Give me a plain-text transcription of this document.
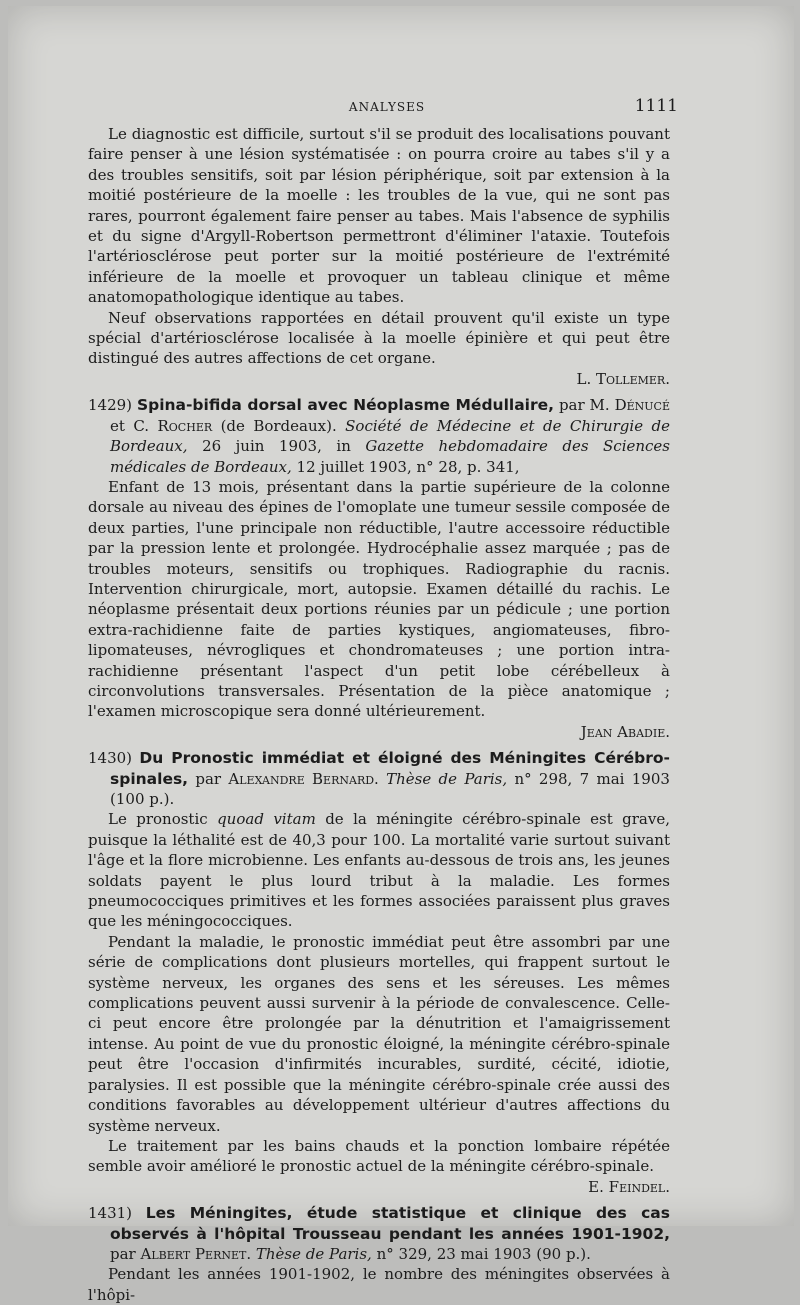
ANALYSES	1111

Le diagnostic est difficile, surtout s'il se produit des localisations pouvant faire penser à une lésion systématisée : on pourra croire au tabes s'il y a des troubles sensitifs, soit par lésion périphérique, soit par extension à la moitié postérieure de la moelle : les troubles de la vue, qui ne sont pas rares, pourront également faire penser au tabes. Mais l'absence de syphilis et du signe d'Argyll-Robertson permettront d'éliminer l'ataxie. Toutefois l'artériosclérose peut porter sur la moitié postérieure de l'extrémité inférieure de la moelle et provoquer un tableau clinique et même anatomopathologique identique au tabes.

Neuf observations rapportées en détail prouvent qu'il existe un type spécial d'artériosclérose localisée à la moelle épinière et qui peut être distingué des autres affections de cet organe.

L. Tollemer.

1429) Spina-bifida dorsal avec Néoplasme Médullaire, par M. Dénucé et C. Rocher (de Bordeaux). Société de Médecine et de Chirurgie de Bordeaux, 26 juin 1903, in Gazette hebdomadaire des Sciences médicales de Bordeaux, 12 juillet 1903, n° 28, p. 341,

Enfant de 13 mois, présentant dans la partie supérieure de la colonne dorsale au niveau des épines de l'omoplate une tumeur sessile composée de deux parties, l'une principale non réductible, l'autre accessoire réductible par la pression lente et prolongée. Hydrocéphalie assez marquée ; pas de troubles moteurs, sensitifs ou trophiques. Radiographie du racnis. Intervention chirurgicale, mort, autopsie. Examen détaillé du rachis. Le néoplasme présentait deux portions réunies par un pédicule ; une portion extra-rachidienne faite de parties kystiques, angiomateuses, fibro-lipomateuses, névrogliques et chondromateuses ; une portion intra-rachidienne présentant l'aspect d'un petit lobe cérébelleux à circonvolutions transversales. Présentation de la pièce anatomique ; l'examen microscopique sera donné ultérieurement.

Jean Abadie.

1430) Du Pronostic immédiat et éloigné des Méningites Cérébro-spinales, par Alexandre Bernard. Thèse de Paris, n° 298, 7 mai 1903 (100 p.).

Le pronostic quoad vitam de la méningite cérébro-spinale est grave, puisque la léthalité est de 40,3 pour 100. La mortalité varie surtout suivant l'âge et la flore microbienne. Les enfants au-dessous de trois ans, les jeunes soldats payent le plus lourd tribut à la maladie. Les formes pneumococciques primitives et les formes associées paraissent plus graves que les méningococciques.

Pendant la maladie, le pronostic immédiat peut être assombri par une série de complications dont plusieurs mortelles, qui frappent surtout le système nerveux, les organes des sens et les séreuses. Les mêmes complications peuvent aussi survenir à la période de convalescence. Celle-ci peut encore être prolongée par la dénutrition et l'amaigrissement intense. Au point de vue du pronostic éloigné, la méningite cérébro-spinale peut être l'occasion d'infirmités incurables, surdité, cécité, idiotie, paralysies. Il est possible que la méningite cérébro-spinale crée aussi des conditions favorables au développement ultérieur d'autres affections du système nerveux.

Le traitement par les bains chauds et la ponction lombaire répétée semble avoir amélioré le pronostic actuel de la méningite cérébro-spinale.

E. Feindel.

1431) Les Méningites, étude statistique et clinique des cas observés à l'hôpital Trousseau pendant les années 1901-1902, par Albert Pernet. Thèse de Paris, n° 329, 23 mai 1903 (90 p.).

Pendant les années 1901-1902, le nombre des méningites observées à l'hôpi-
